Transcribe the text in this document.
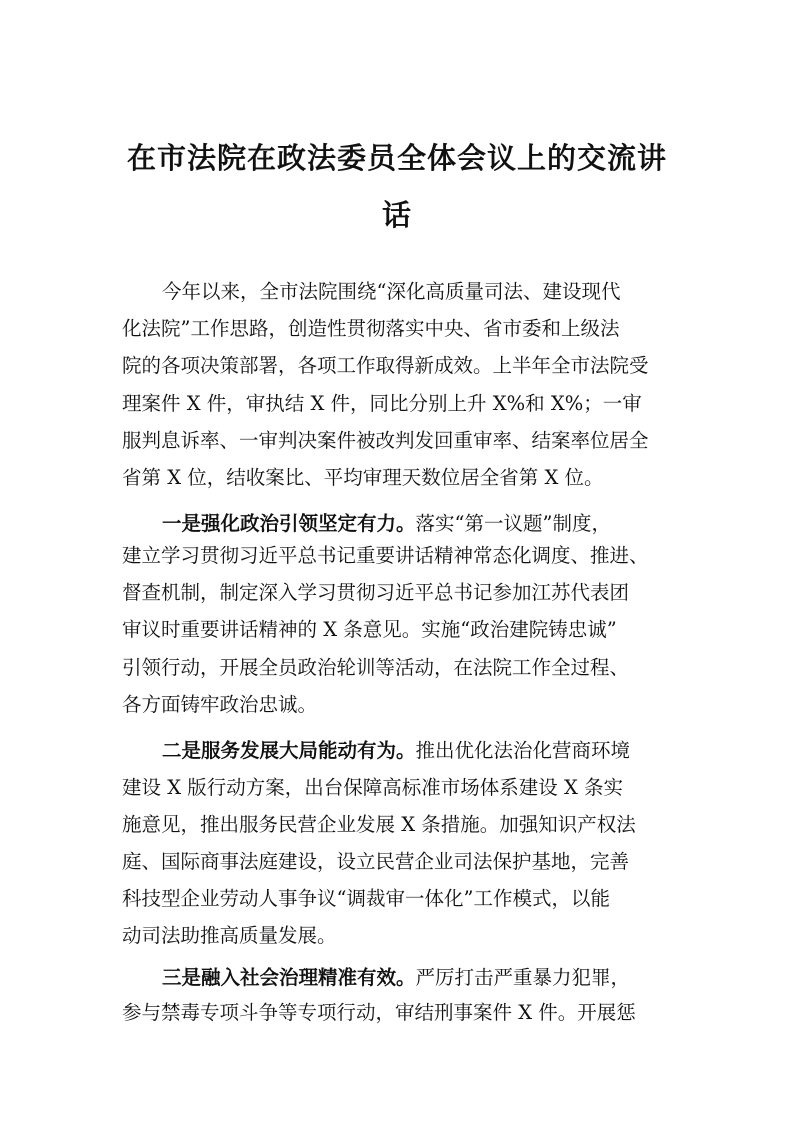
在市法院在政法委员全体会议上的交流讲
话
今年以来，全市法院围绕“深化高质量司法、建设现代
化法院”工作思路，创造性贯彻落实中央、省市委和上级法
院的各项决策部署，各项工作取得新成效。上半年全市法院受
理案件 X 件，审执结 X 件，同比分别上升 X%和 X%；一审
服判息诉率、一审判决案件被改判发回重审率、结案率位居全
省第 X 位，结收案比、平均审理天数位居全省第 X 位。
一是强化政治引领坚定有力。落实“第一议题”制度，
建立学习贯彻习近平总书记重要讲话精神常态化调度、推进、
督查机制，制定深入学习贯彻习近平总书记参加江苏代表团
审议时重要讲话精神的 X 条意见。实施“政治建院铸忠诚”
引领行动，开展全员政治轮训等活动，在法院工作全过程、
各方面铸牢政治忠诚。
二是服务发展大局能动有为。推出优化法治化营商环境
建设 X 版行动方案，出台保障高标准市场体系建设 X 条实
施意见，推出服务民营企业发展 X 条措施。加强知识产权法
庭、国际商事法庭建设，设立民营企业司法保护基地，完善
科技型企业劳动人事争议“调裁审一体化”工作模式，以能
动司法助推高质量发展。
三是融入社会治理精准有效。严厉打击严重暴力犯罪，
参与禁毒专项斗争等专项行动，审结刑事案件 X 件。开展惩
